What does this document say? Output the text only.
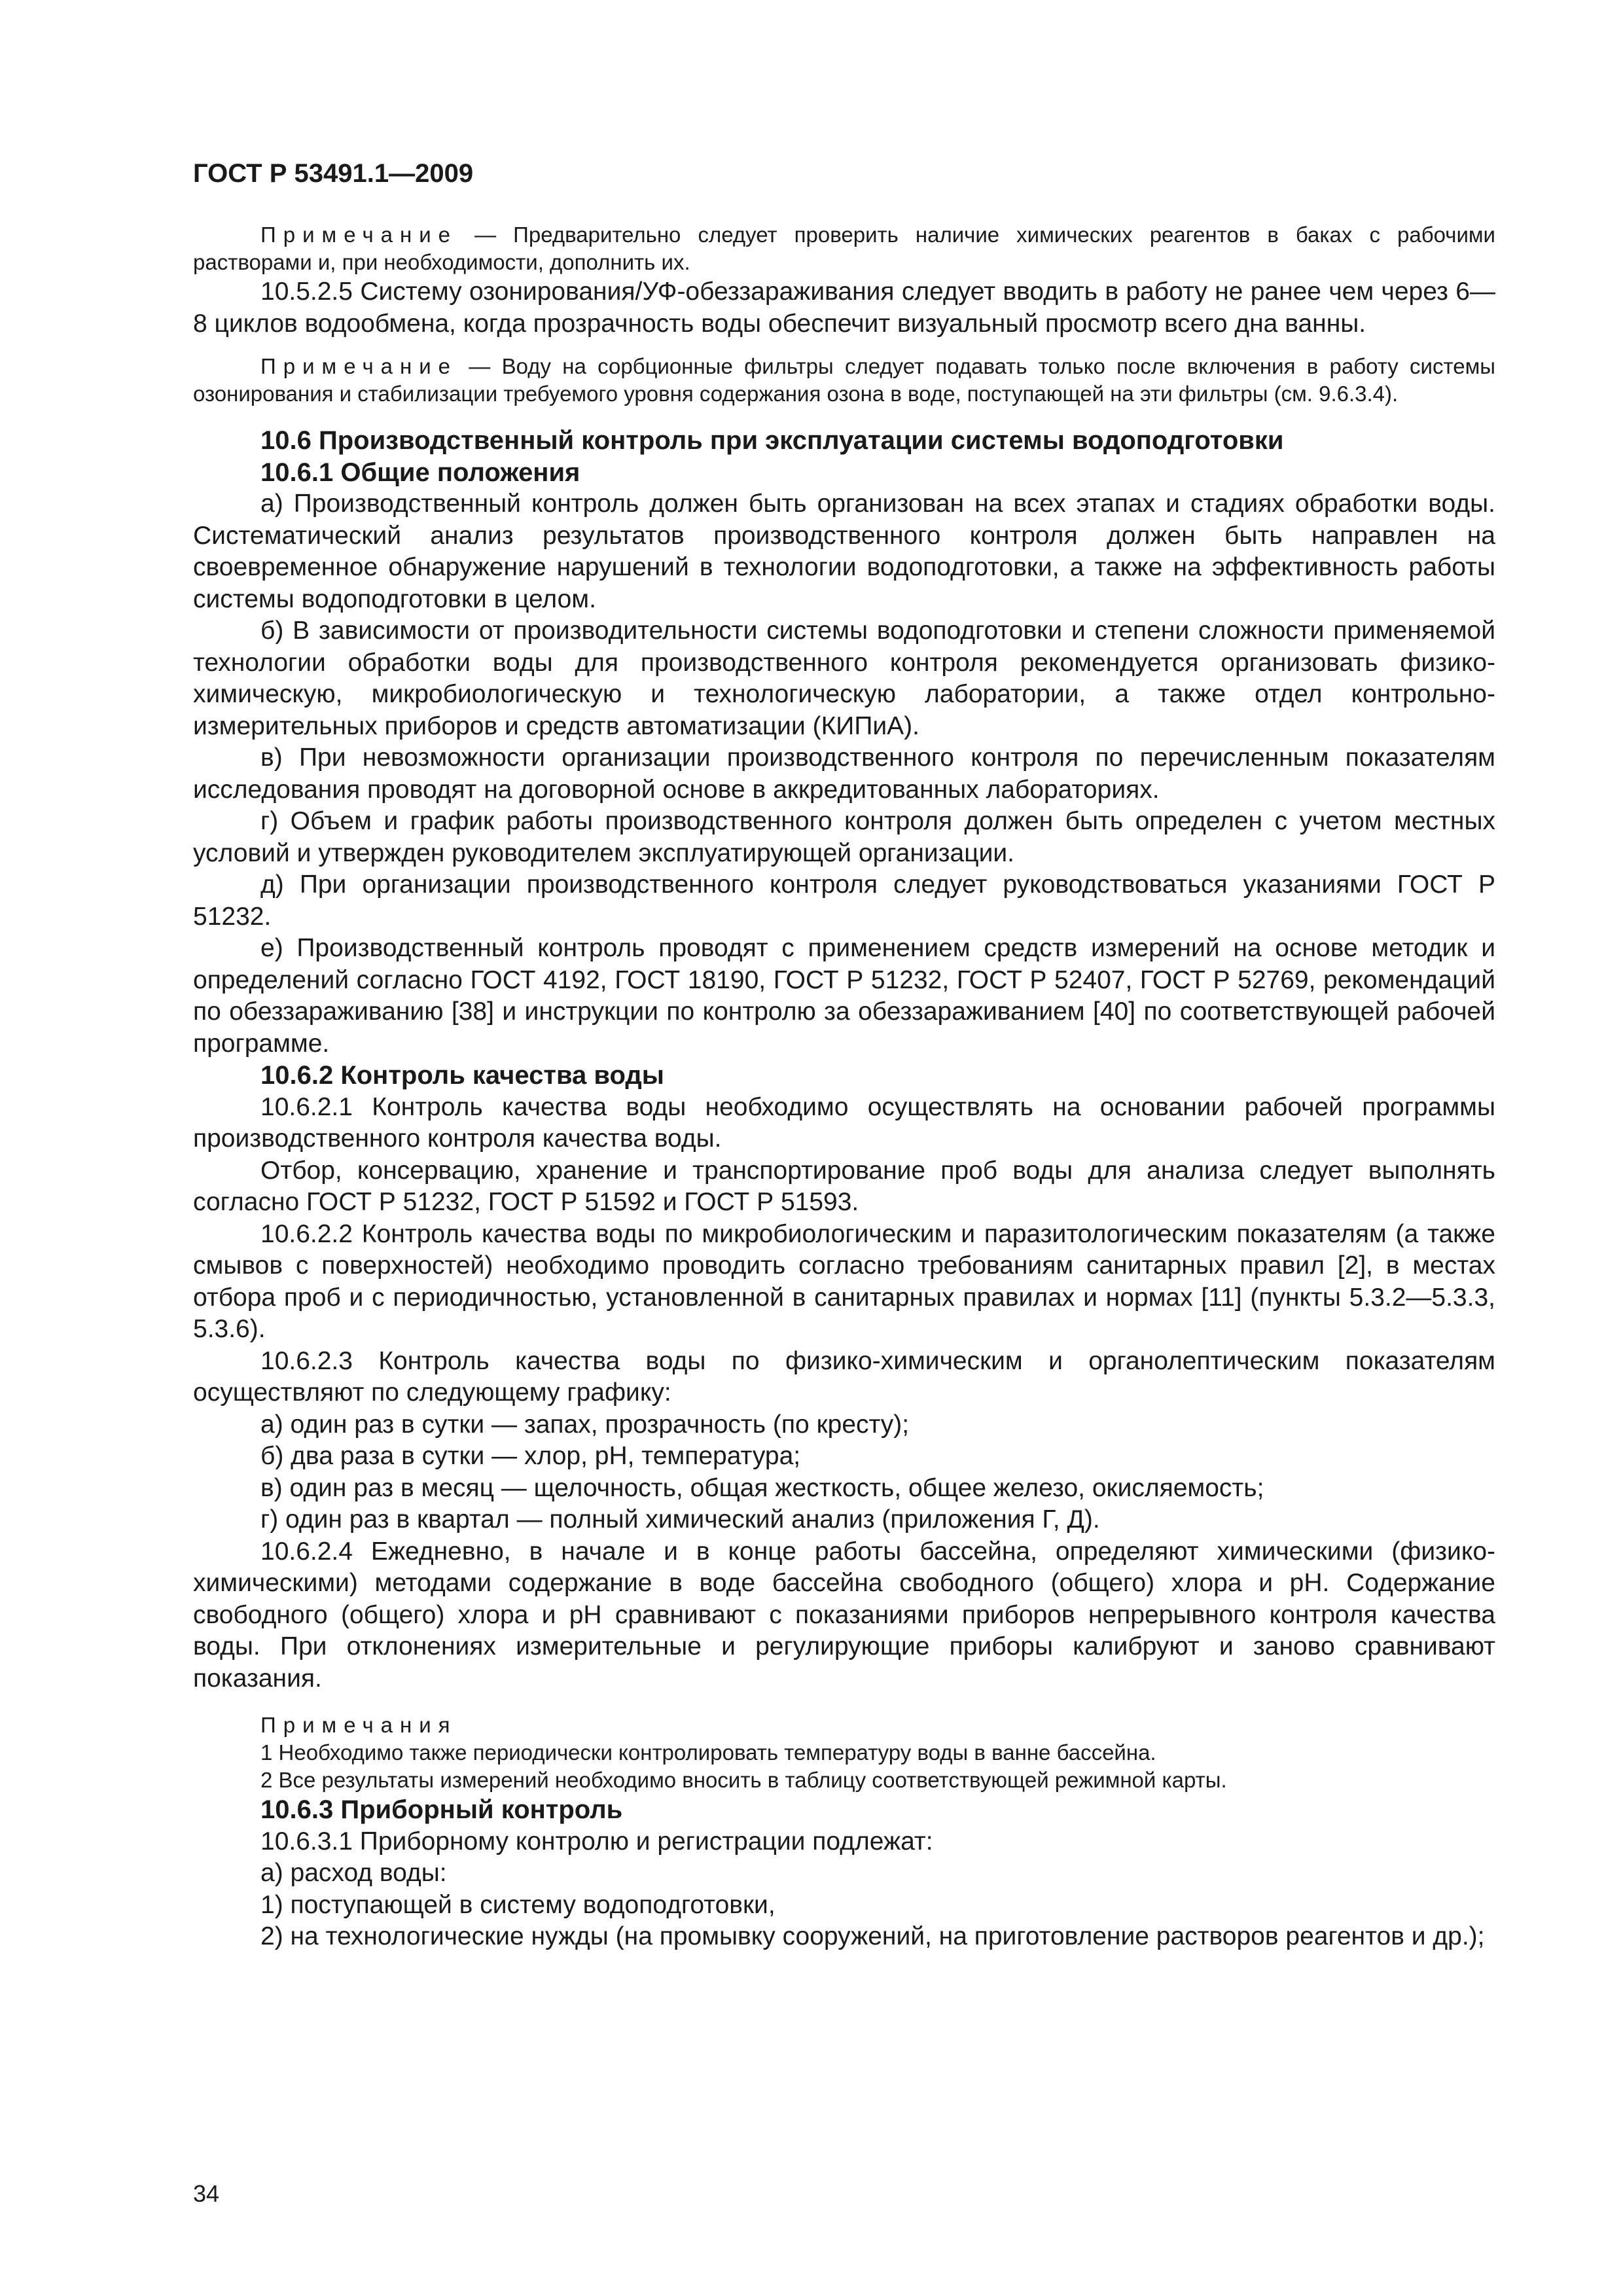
ГОСТ Р 53491.1—2009

Примечание — Предварительно следует проверить наличие химических реагентов в баках с рабочими растворами и, при необходимости, дополнить их.

10.5.2.5 Систему озонирования/УФ-обеззараживания следует вводить в работу не ранее чем через 6—8 циклов водообмена, когда прозрачность воды обеспечит визуальный просмотр всего дна ванны.

Примечание — Воду на сорбционные фильтры следует подавать только после включения в работу системы озонирования и стабилизации требуемого уровня содержания озона в воде, поступающей на эти фильтры (см. 9.6.3.4).

10.6 Производственный контроль при эксплуатации системы водоподготовки

10.6.1 Общие положения

а) Производственный контроль должен быть организован на всех этапах и стадиях обработки воды. Систематический анализ результатов производственного контроля должен быть направлен на своевременное обнаружение нарушений в технологии водоподготовки, а также на эффективность работы системы водоподготовки в целом.

б) В зависимости от производительности системы водоподготовки и степени сложности применяемой технологии обработки воды для производственного контроля рекомендуется организовать физико-химическую, микробиологическую и технологическую лаборатории, а также отдел контрольно-измерительных приборов и средств автоматизации (КИПиА).

в) При невозможности организации производственного контроля по перечисленным показателям исследования проводят на договорной основе в аккредитованных лабораториях.

г) Объем и график работы производственного контроля должен быть определен с учетом местных условий и утвержден руководителем эксплуатирующей организации.

д) При организации производственного контроля следует руководствоваться указаниями ГОСТ Р 51232.

е) Производственный контроль проводят с применением средств измерений на основе методик и определений согласно ГОСТ 4192, ГОСТ 18190, ГОСТ Р 51232, ГОСТ Р 52407, ГОСТ Р 52769, рекомендаций по обеззараживанию [38] и инструкции по контролю за обеззараживанием [40] по соответствующей рабочей программе.

10.6.2 Контроль качества воды

10.6.2.1 Контроль качества воды необходимо осуществлять на основании рабочей программы производственного контроля качества воды.

Отбор, консервацию, хранение и транспортирование проб воды для анализа следует выполнять согласно ГОСТ Р 51232, ГОСТ Р 51592 и ГОСТ Р 51593.

10.6.2.2 Контроль качества воды по микробиологическим и паразитологическим показателям (а также смывов с поверхностей) необходимо проводить согласно требованиям санитарных правил [2], в местах отбора проб и с периодичностью, установленной в санитарных правилах и нормах [11] (пункты 5.3.2—5.3.3, 5.3.6).

10.6.2.3 Контроль качества воды по физико-химическим и органолептическим показателям осуществляют по следующему графику:

а) один раз в сутки — запах, прозрачность (по кресту);

б) два раза в сутки — хлор, pH, температура;

в) один раз в месяц — щелочность, общая жесткость, общее железо, окисляемость;

г) один раз в квартал — полный химический анализ (приложения Г, Д).

10.6.2.4 Ежедневно, в начале и в конце работы бассейна, определяют химическими (физико-химическими) методами содержание в воде бассейна свободного (общего) хлора и pH. Содержание свободного (общего) хлора и pH сравнивают с показаниями приборов непрерывного контроля качества воды. При отклонениях измерительные и регулирующие приборы калибруют и заново сравнивают показания.

Примечания

1 Необходимо также периодически контролировать температуру воды в ванне бассейна.

2 Все результаты измерений необходимо вносить в таблицу соответствующей режимной карты.

10.6.3 Приборный контроль

10.6.3.1 Приборному контролю и регистрации подлежат:

а) расход воды:

1) поступающей в систему водоподготовки,

2) на технологические нужды (на промывку сооружений, на приготовление растворов реагентов и др.);

34
